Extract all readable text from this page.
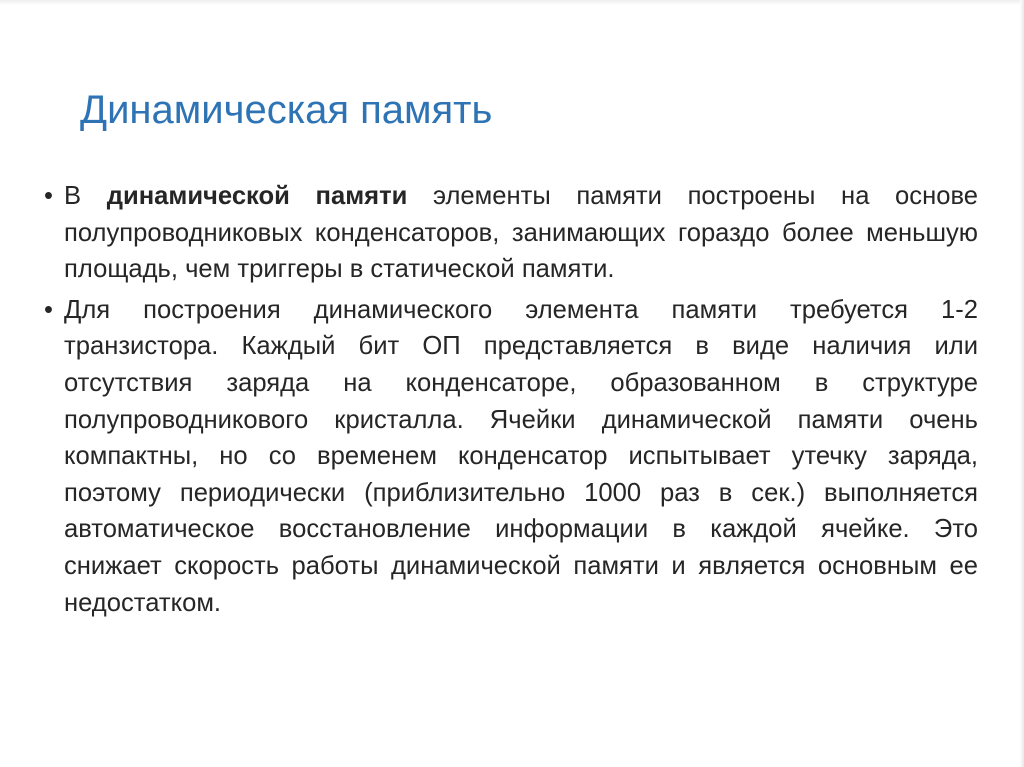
Динамическая память
• В динамической памяти элементы памяти построены на основе полупроводниковых конденсаторов, занимающих гораздо более меньшую площадь, чем триггеры в статической памяти.
• Для построения динамического элемента памяти требуется 1-2 транзистора. Каждый бит ОП представляется в виде наличия или отсутствия заряда на конденсаторе, образованном в структуре полупроводникового кристалла. Ячейки динамической памяти очень компактны, но со временем конденсатор испытывает утечку заряда, поэтому периодически (приблизительно 1000 раз в сек.) выполняется автоматическое восстановление информации в каждой ячейке. Это снижает скорость работы динамической памяти и является основным ее недостатком.
